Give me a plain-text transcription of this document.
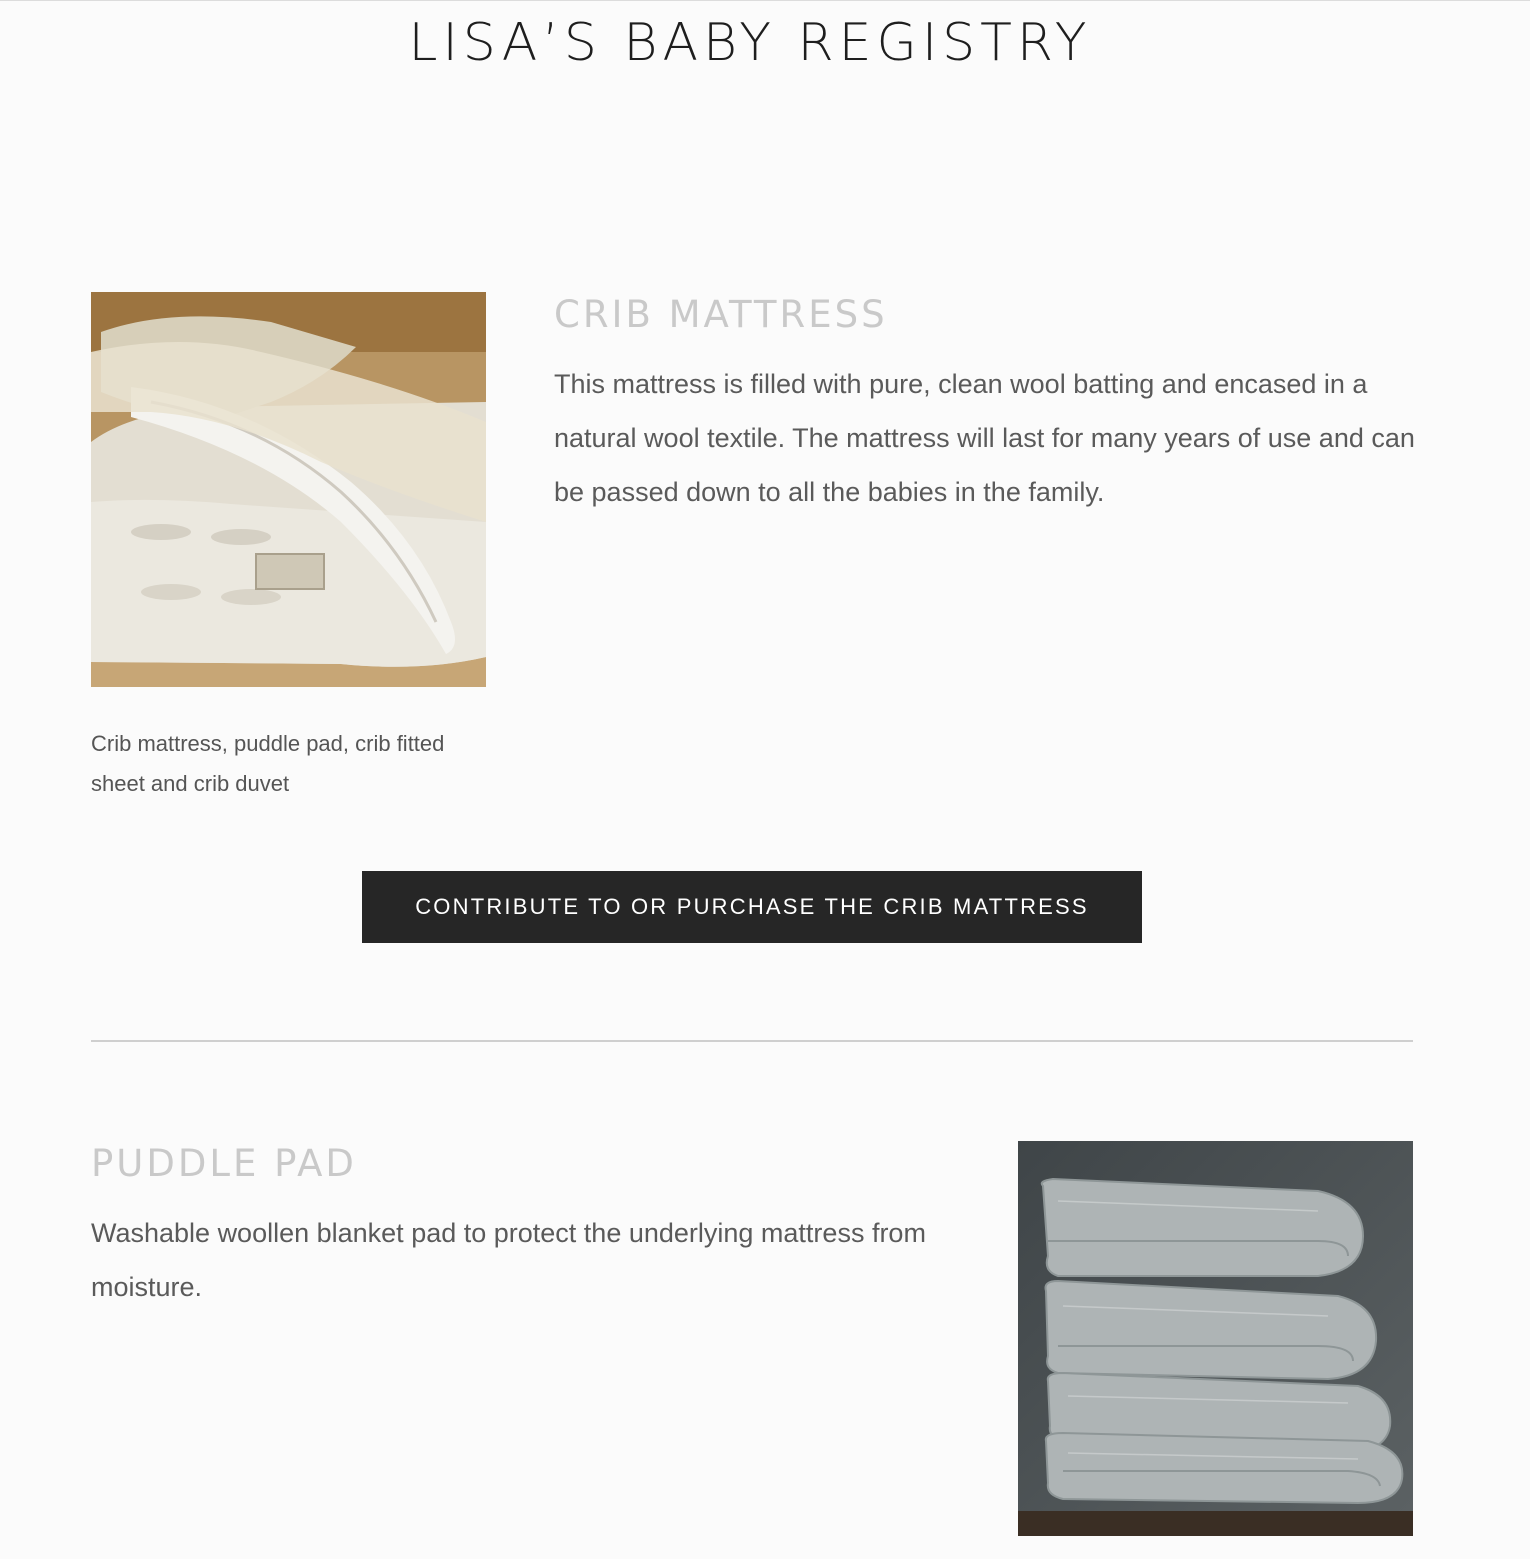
LISA’S BABY REGISTRY

Crib mattress, puddle pad, crib fitted sheet and crib duvet

CRIB MATTRESS

This mattress is filled with pure, clean wool batting and encased in a natural wool textile. The mattress will last for many years of use and can be passed down to all the babies in the family.

CONTRIBUTE TO OR PURCHASE THE CRIB MATTRESS
PUDDLE PAD

Washable woollen blanket pad to protect the underlying mattress from moisture.
